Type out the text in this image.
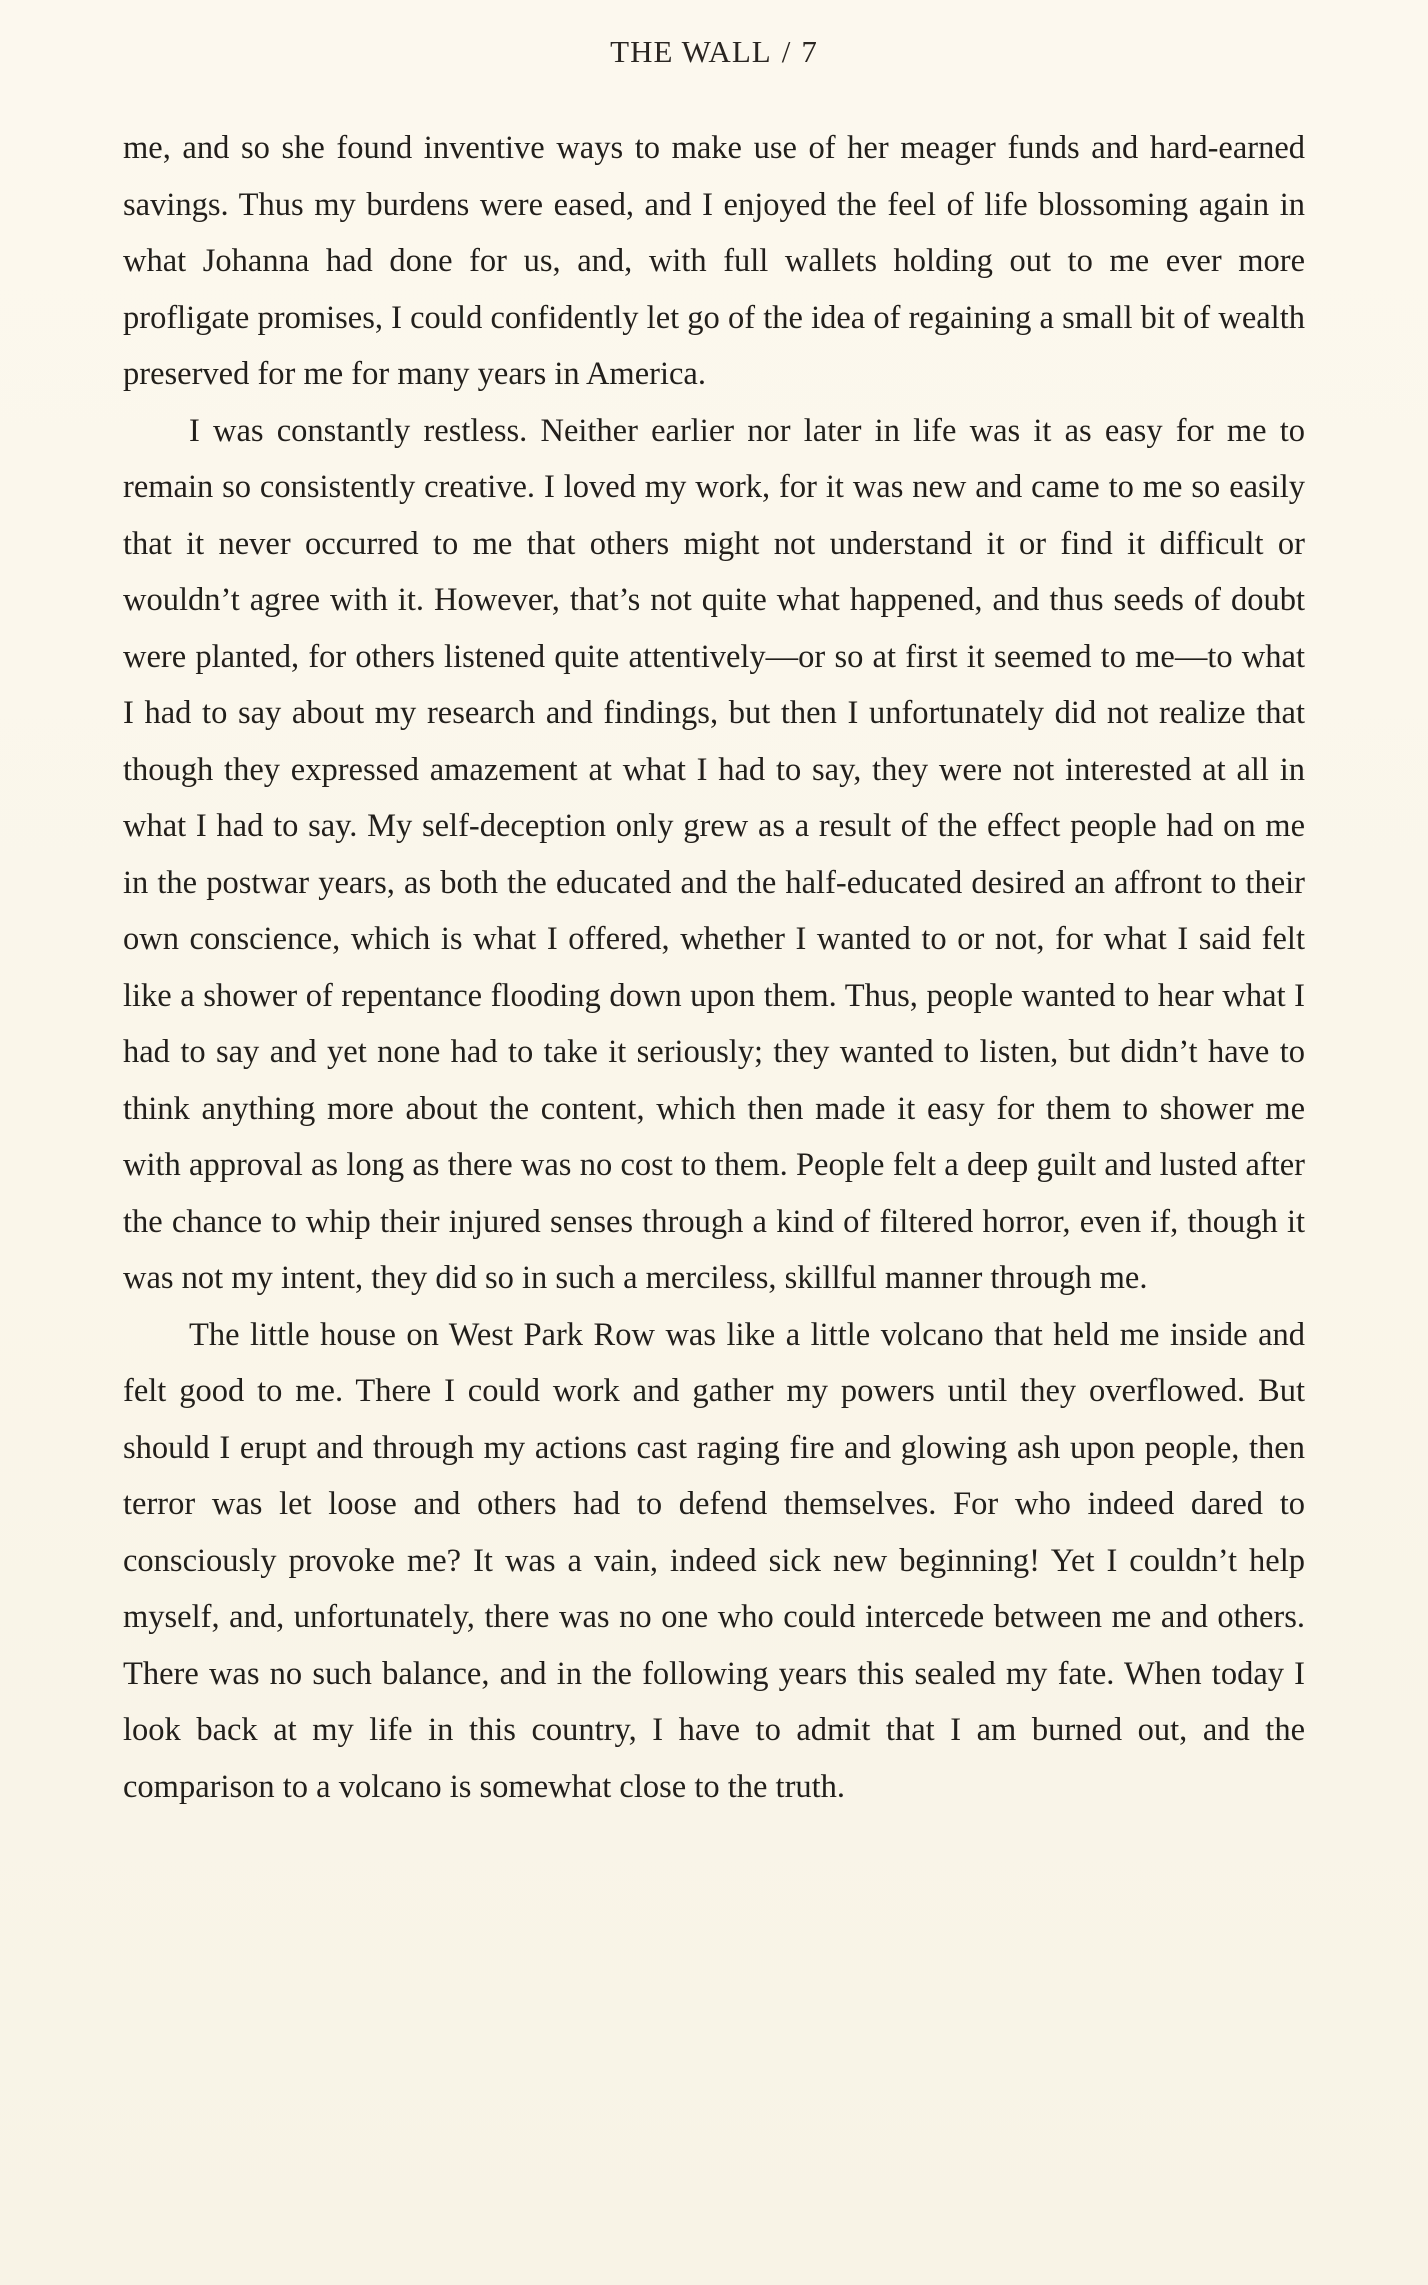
THE WALL / 7

me, and so she found inventive ways to make use of her meager funds and hard-earned savings. Thus my burdens were eased, and I enjoyed the feel of life blossoming again in what Johanna had done for us, and, with full wallets holding out to me ever more profligate promises, I could confidently let go of the idea of regaining a small bit of wealth preserved for me for many years in America.

I was constantly restless. Neither earlier nor later in life was it as easy for me to remain so consistently creative. I loved my work, for it was new and came to me so easily that it never occurred to me that others might not understand it or find it difficult or wouldn’t agree with it. However, that’s not quite what happened, and thus seeds of doubt were planted, for others listened quite attentively—or so at first it seemed to me—to what I had to say about my research and findings, but then I unfortunately did not realize that though they expressed amazement at what I had to say, they were not interested at all in what I had to say. My self-deception only grew as a result of the effect people had on me in the postwar years, as both the educated and the half-educated desired an affront to their own conscience, which is what I offered, whether I wanted to or not, for what I said felt like a shower of repentance flooding down upon them. Thus, people wanted to hear what I had to say and yet none had to take it seriously; they wanted to listen, but didn’t have to think anything more about the content, which then made it easy for them to shower me with approval as long as there was no cost to them. People felt a deep guilt and lusted after the chance to whip their injured senses through a kind of filtered horror, even if, though it was not my intent, they did so in such a merciless, skillful manner through me.

The little house on West Park Row was like a little volcano that held me inside and felt good to me. There I could work and gather my powers until they overflowed. But should I erupt and through my actions cast raging fire and glowing ash upon people, then terror was let loose and others had to defend themselves. For who indeed dared to consciously provoke me? It was a vain, indeed sick new beginning! Yet I couldn’t help myself, and, unfortunately, there was no one who could intercede between me and others. There was no such balance, and in the following years this sealed my fate. When today I look back at my life in this country, I have to admit that I am burned out, and the comparison to a volcano is somewhat close to the truth.
